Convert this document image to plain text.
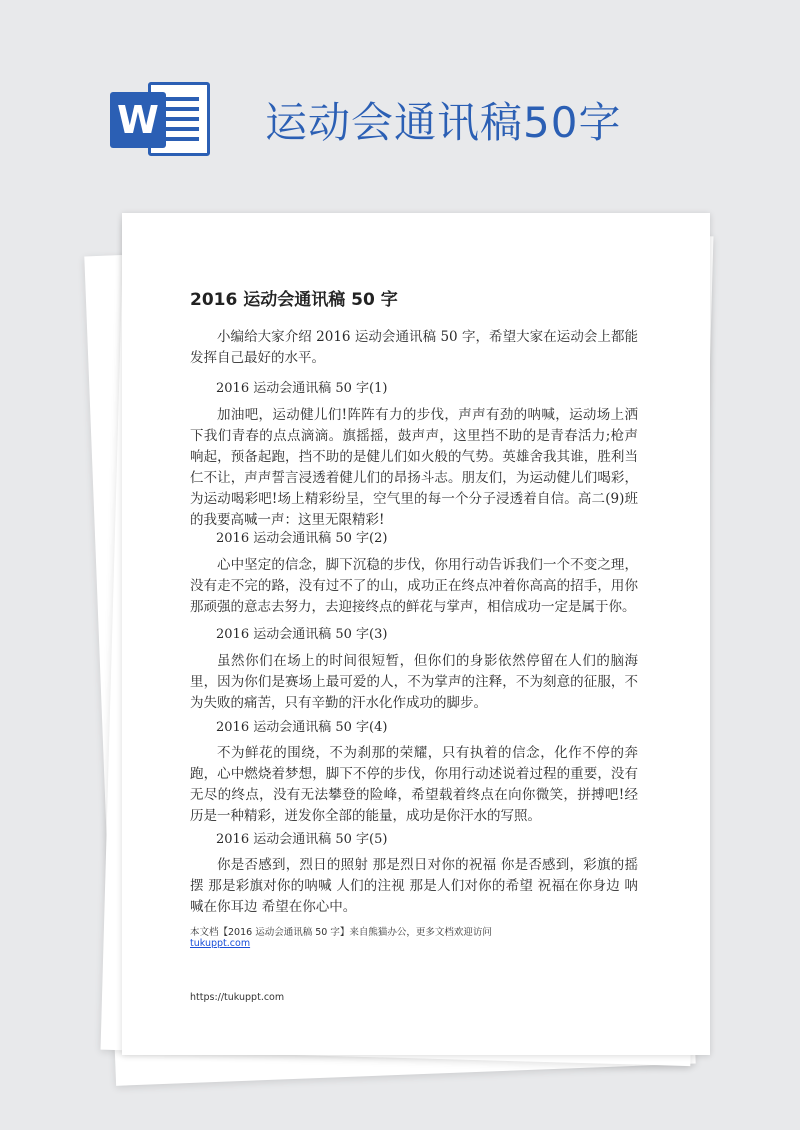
W	运动会通讯稿50字
2016 运动会通讯稿 50 字
小编给大家介绍 2016 运动会通讯稿 50 字，希望大家在运动会上都能发挥自己最好的水平。
2016 运动会通讯稿 50 字(1)
加油吧，运动健儿们!阵阵有力的步伐，声声有劲的呐喊，运动场上洒下我们青春的点点滴滴。旗摇摇，鼓声声，这里挡不助的是青春活力;枪声响起，预备起跑，挡不助的是健儿们如火般的气势。英雄舍我其谁，胜利当仁不让，声声誓言浸透着健儿们的昂扬斗志。朋友们，为运动健儿们喝彩，为运动喝彩吧!场上精彩纷呈，空气里的每一个分子浸透着自信。高二(9)班的我要高喊一声：这里无限精彩!
2016 运动会通讯稿 50 字(2)
心中坚定的信念，脚下沉稳的步伐，你用行动告诉我们一个不变之理，没有走不完的路，没有过不了的山，成功正在终点冲着你高高的招手，用你那顽强的意志去努力，去迎接终点的鲜花与掌声，相信成功一定是属于你。
2016 运动会通讯稿 50 字(3)
虽然你们在场上的时间很短暂，但你们的身影依然停留在人们的脑海里，因为你们是赛场上最可爱的人，不为掌声的注释，不为刻意的征服，不为失败的痛苦，只有辛勤的汗水化作成功的脚步。
2016 运动会通讯稿 50 字(4)
不为鲜花的围绕，不为刹那的荣耀，只有执着的信念，化作不停的奔跑，心中燃烧着梦想，脚下不停的步伐，你用行动述说着过程的重要，没有无尽的终点，没有无法攀登的险峰，希望载着终点在向你微笑，拼搏吧!经历是一种精彩，迸发你全部的能量，成功是你汗水的写照。
2016 运动会通讯稿 50 字(5)
你是否感到，烈日的照射 那是烈日对你的祝福 你是否感到，彩旗的摇摆 那是彩旗对你的呐喊 人们的注视 那是人们对你的希望 祝福在你身边 呐喊在你耳边 希望在你心中。
本文档【2016 运动会通讯稿 50 字】来自熊猫办公，更多文档欢迎访问
tukuppt.com
https://tukuppt.com
